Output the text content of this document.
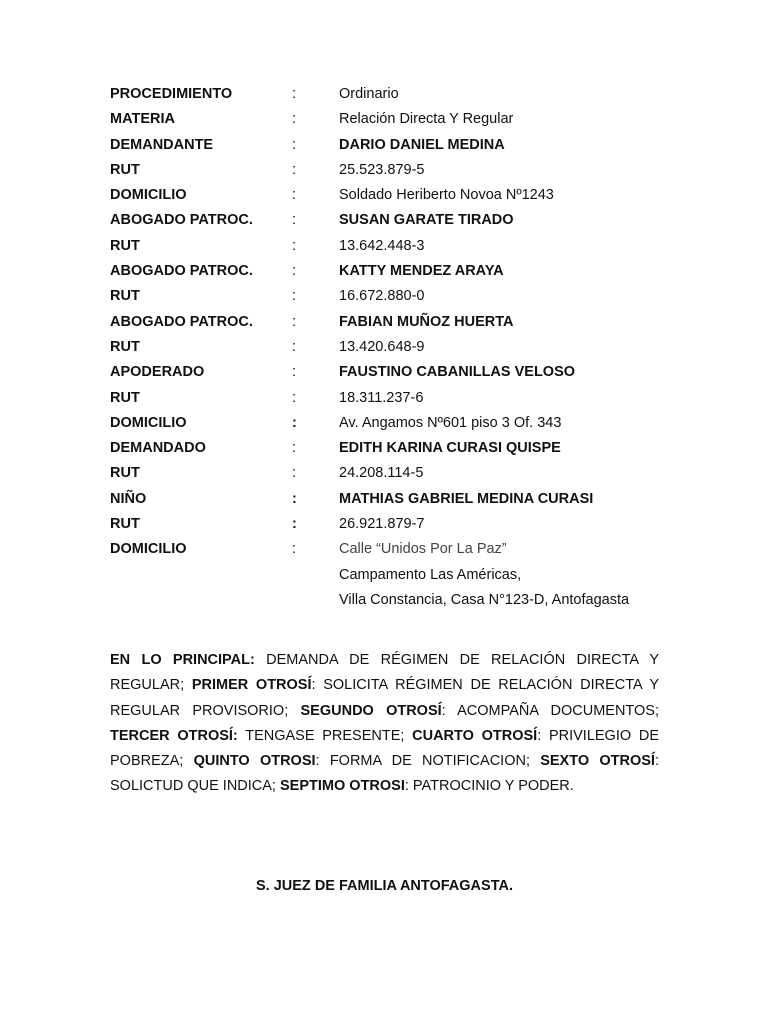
PROCEDIMIENTO	:	Ordinario
MATERIA	:	Relación Directa Y Regular
DEMANDANTE	:	DARIO DANIEL MEDINA
RUT	:	25.523.879-5
DOMICILIO	:	Soldado Heriberto Novoa Nº1243
ABOGADO PATROC.	:	SUSAN GARATE TIRADO
RUT	:	13.642.448-3
ABOGADO PATROC.	:	KATTY MENDEZ ARAYA
RUT	:	16.672.880-0
ABOGADO PATROC.	:	FABIAN MUÑOZ HUERTA
RUT	:	13.420.648-9
APODERADO	:	FAUSTINO CABANILLAS VELOSO
RUT	:	18.311.237-6
DOMICILIO	:	Av. Angamos Nº601 piso 3 Of. 343
DEMANDADO	:	EDITH KARINA CURASI QUISPE
RUT	:	24.208.114-5
NIÑO	:	MATHIAS GABRIEL MEDINA CURASI
RUT	:	26.921.879-7
DOMICILIO	:	Calle “Unidos Por La Paz”
Campamento Las Américas,
Villa Constancia, Casa N°123-D, Antofagasta
EN LO PRINCIPAL: DEMANDA DE RÉGIMEN DE RELACIÓN DIRECTA Y REGULAR; PRIMER OTROSÍ: SOLICITA RÉGIMEN DE RELACIÓN DIRECTA Y REGULAR PROVISORIO; SEGUNDO OTROSÍ: ACOMPAÑA DOCUMENTOS; TERCER OTROSÍ: TENGASE PRESENTE; CUARTO OTROSÍ: PRIVILEGIO DE POBREZA; QUINTO OTROSI: FORMA DE NOTIFICACION; SEXTO OTROSÍ: SOLICTUD QUE INDICA; SEPTIMO OTROSI: PATROCINIO Y PODER.
S. JUEZ DE FAMILIA ANTOFAGASTA.
